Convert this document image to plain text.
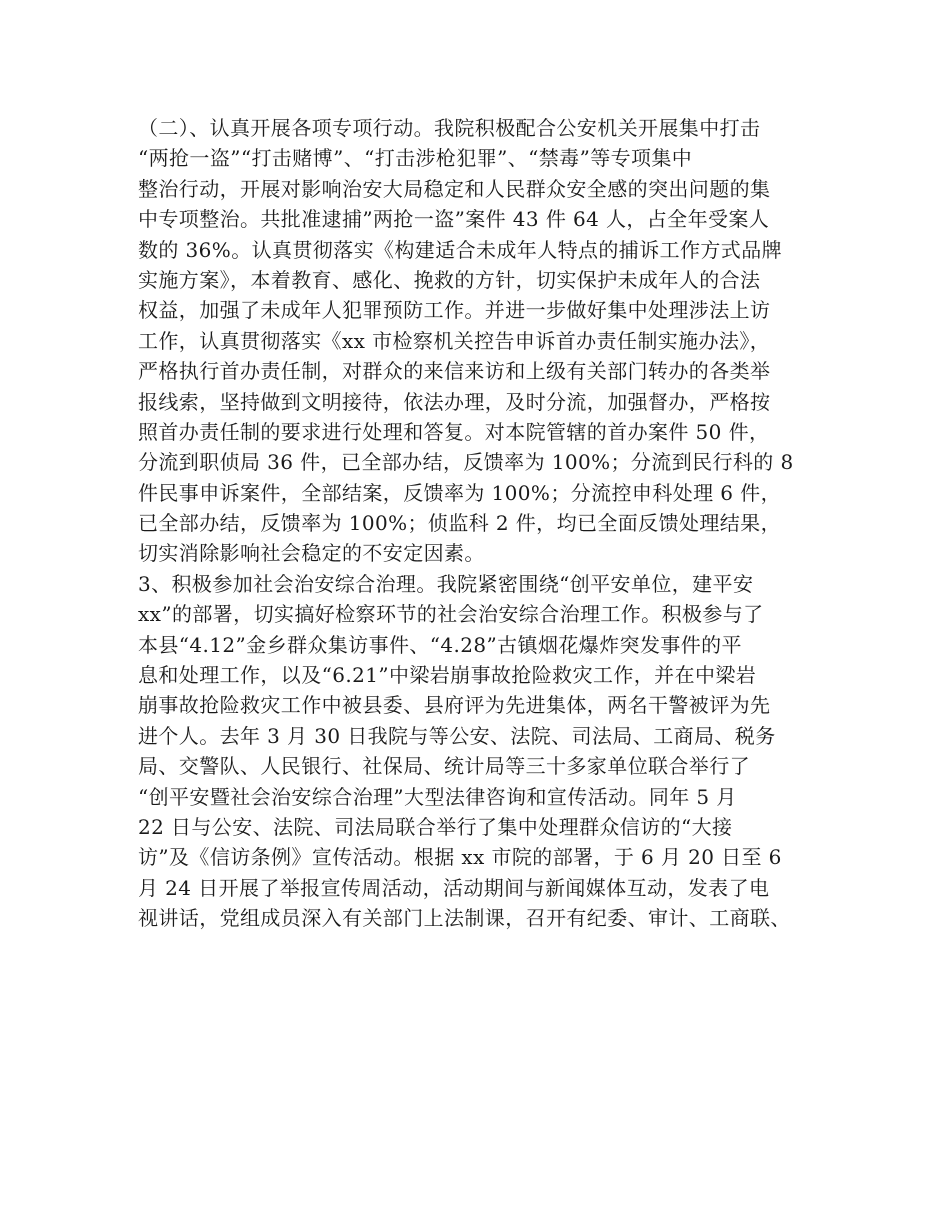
（二）、认真开展各项专项行动。我院积极配合公安机关开展集中打击
“两抢一盗”“打击赌博”、“打击涉枪犯罪”、“禁毒”等专项集中
整治行动，开展对影响治安大局稳定和人民群众安全感的突出问题的集
中专项整治。共批准逮捕”两抢一盗”案件 43 件 64 人，占全年受案人
数的 36%。认真贯彻落实《构建适合未成年人特点的捕诉工作方式品牌
实施方案》，本着教育、感化、挽救的方针，切实保护未成年人的合法
权益，加强了未成年人犯罪预防工作。并进一步做好集中处理涉法上访
工作，认真贯彻落实《xx 市检察机关控告申诉首办责任制实施办法》，
严格执行首办责任制，对群众的来信来访和上级有关部门转办的各类举
报线索，坚持做到文明接待，依法办理，及时分流，加强督办，严格按
照首办责任制的要求进行处理和答复。对本院管辖的首办案件 50 件，
分流到职侦局 36 件，已全部办结，反馈率为 100%；分流到民行科的 8
件民事申诉案件，全部结案，反馈率为 100%；分流控申科处理 6 件，
已全部办结，反馈率为 100%；侦监科 2 件，均已全面反馈处理结果，
切实消除影响社会稳定的不安定因素。
3、积极参加社会治安综合治理。我院紧密围绕“创平安单位，建平安
xx”的部署，切实搞好检察环节的社会治安综合治理工作。积极参与了
本县“4.12”金乡群众集访事件、“4.28”古镇烟花爆炸突发事件的平
息和处理工作，以及“6.21”中梁岩崩事故抢险救灾工作，并在中梁岩
崩事故抢险救灾工作中被县委、县府评为先进集体，两名干警被评为先
进个人。去年 3 月 30 日我院与等公安、法院、司法局、工商局、税务
局、交警队、人民银行、社保局、统计局等三十多家单位联合举行了
“创平安暨社会治安综合治理”大型法律咨询和宣传活动。同年 5 月
22 日与公安、法院、司法局联合举行了集中处理群众信访的“大接
访”及《信访条例》宣传活动。根据 xx 市院的部署，于 6 月 20 日至 6
月 24 日开展了举报宣传周活动，活动期间与新闻媒体互动，发表了电
视讲话，党组成员深入有关部门上法制课，召开有纪委、审计、工商联、
